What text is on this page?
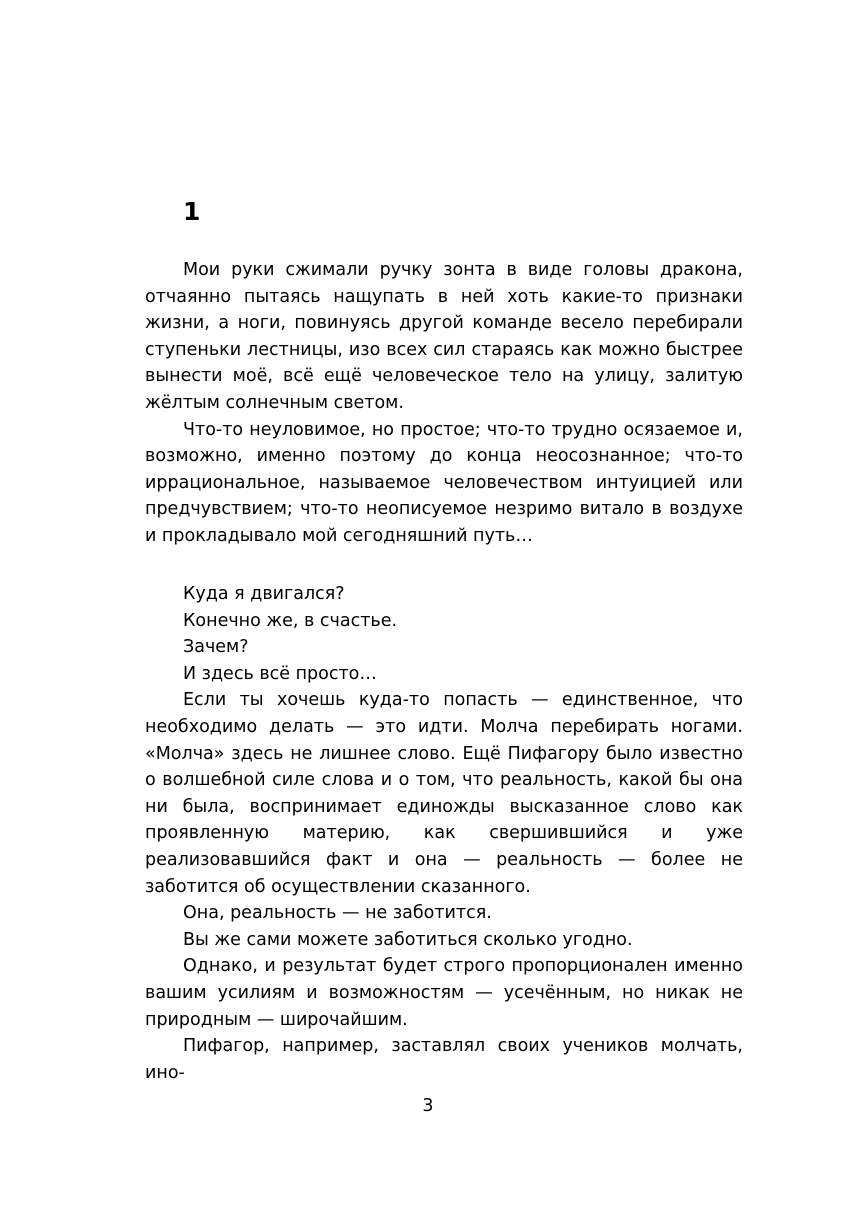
1

Мои руки сжимали ручку зонта в виде головы дракона, отчаянно пытаясь нащупать в ней хоть какие-то признаки жизни, а ноги, повинуясь другой команде весело перебирали ступеньки лестницы, изо всех сил стараясь как можно быстрее вынести моё, всё ещё человеческое тело на улицу, залитую жёлтым солнечным светом.

Что-то неуловимое, но простое; что-то трудно осязаемое и, возможно, именно поэтому до конца неосознанное; что-то иррациональное, называемое человечеством интуицией или предчувствием; что-то неописуемое незримо витало в воздухе и прокладывало мой сегодняшний путь…

Куда я двигался?

Конечно же, в счастье.

Зачем?

И здесь всё просто…

Если ты хочешь куда-то попасть — единственное, что необходимо делать — это идти. Молча перебирать ногами. «Молча» здесь не лишнее слово. Ещё Пифагору было известно о волшебной силе слова и о том, что реальность, какой бы она ни была, воспринимает единожды высказанное слово как проявленную материю, как свершившийся и уже реализовавшийся факт и она — реальность — более не заботится об осуществлении сказанного.

Она, реальность — не заботится.

Вы же сами можете заботиться сколько угодно.

Однако, и результат будет строго пропорционален именно вашим усилиям и возможностям — усечённым, но никак не природным — широчайшим.

Пифагор, например, заставлял своих учеников молчать, ино-

3
